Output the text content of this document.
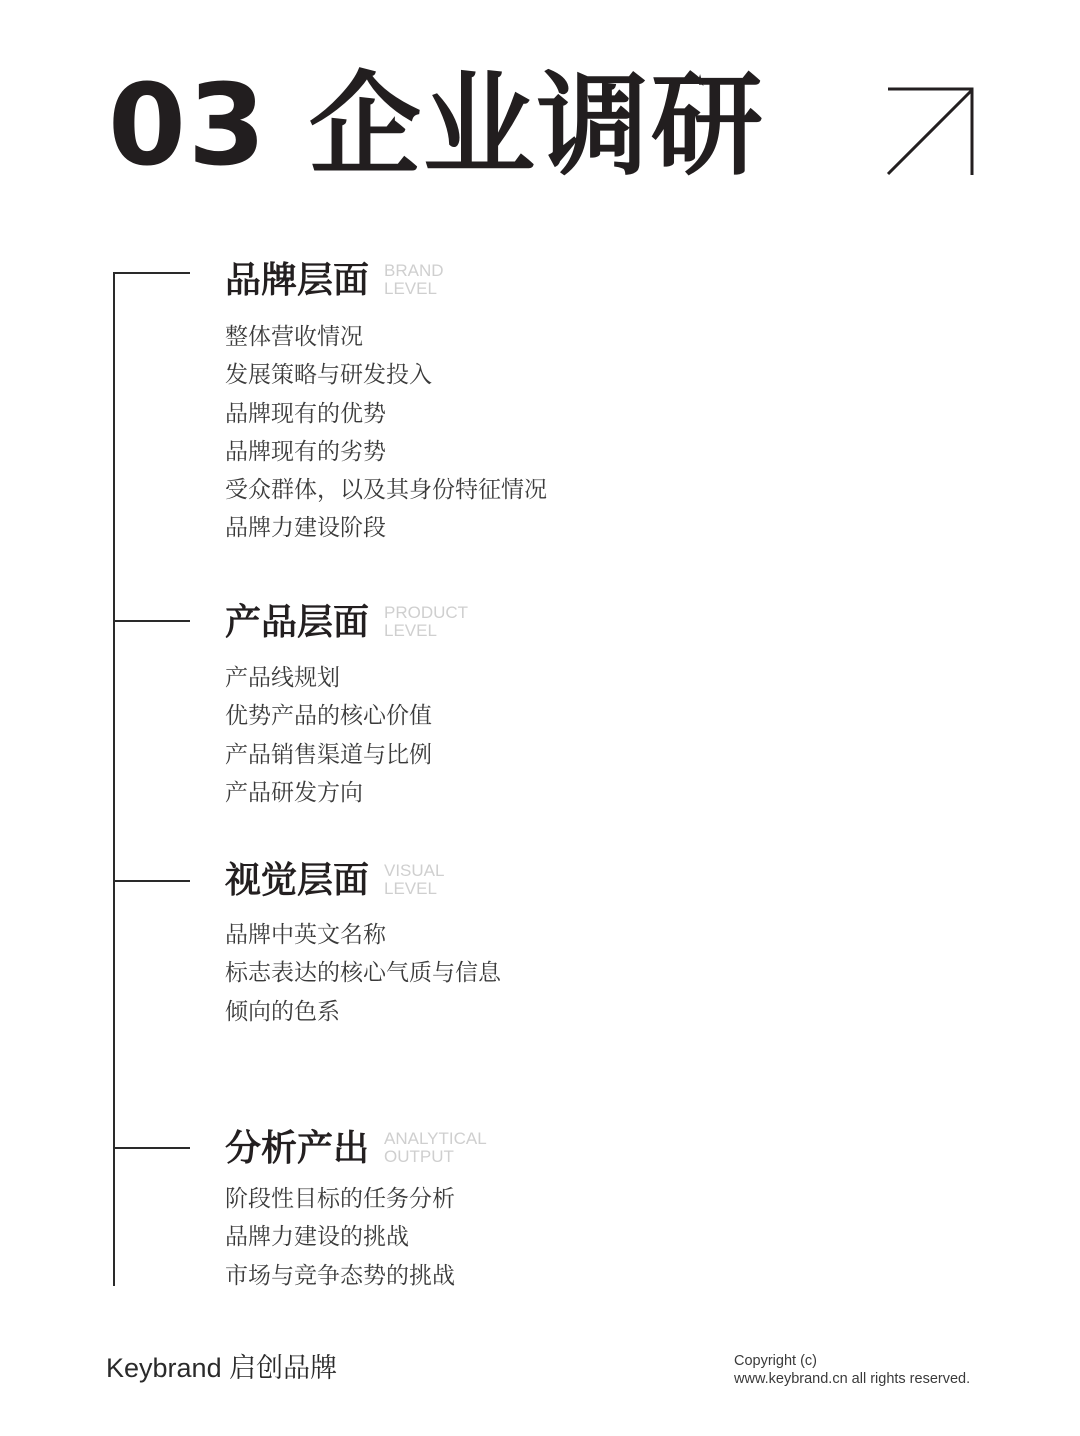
03 企业调研
品牌层面 BRAND
LEVEL
整体营收情况
发展策略与研发投入
品牌现有的优势
品牌现有的劣势
受众群体，以及其身份特征情况
品牌力建设阶段
产品层面 PRODUCT
LEVEL
产品线规划
优势产品的核心价值
产品销售渠道与比例
产品研发方向
视觉层面 VISUAL
LEVEL
品牌中英文名称
标志表达的核心气质与信息
倾向的色系
分析产出 ANALYTICAL
OUTPUT
阶段性目标的任务分析
品牌力建设的挑战
市场与竞争态势的挑战
Keybrand 启创品牌	Copyright (c)
www.keybrand.cn all rights reserved.
